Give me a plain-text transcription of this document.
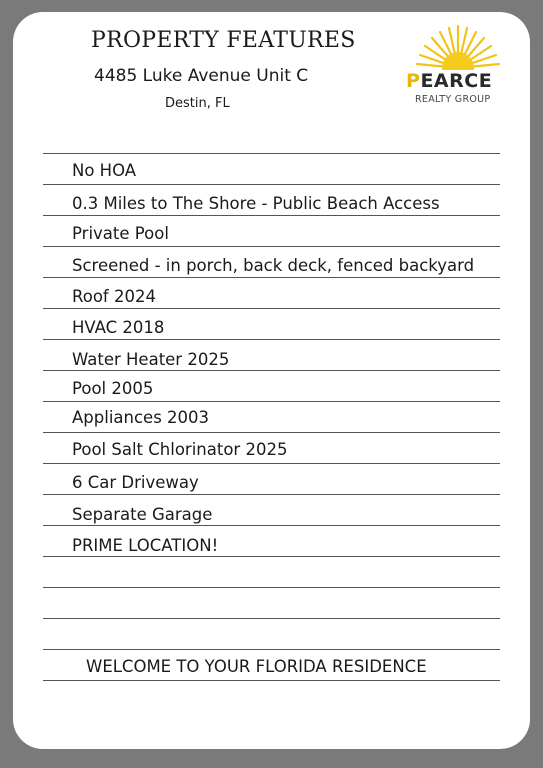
PROPERTY FEATURES
4485 Luke Avenue Unit C
Destin, FL
PEARCE
REALTY GROUP
No HOA
0.3 Miles to The Shore - Public Beach Access
Private Pool
Screened - in porch, back deck, fenced backyard
Roof 2024
HVAC 2018
Water Heater 2025
Pool 2005
Appliances 2003
Pool Salt Chlorinator 2025
6 Car Driveway
Separate Garage
PRIME LOCATION!
WELCOME TO YOUR FLORIDA RESIDENCE
